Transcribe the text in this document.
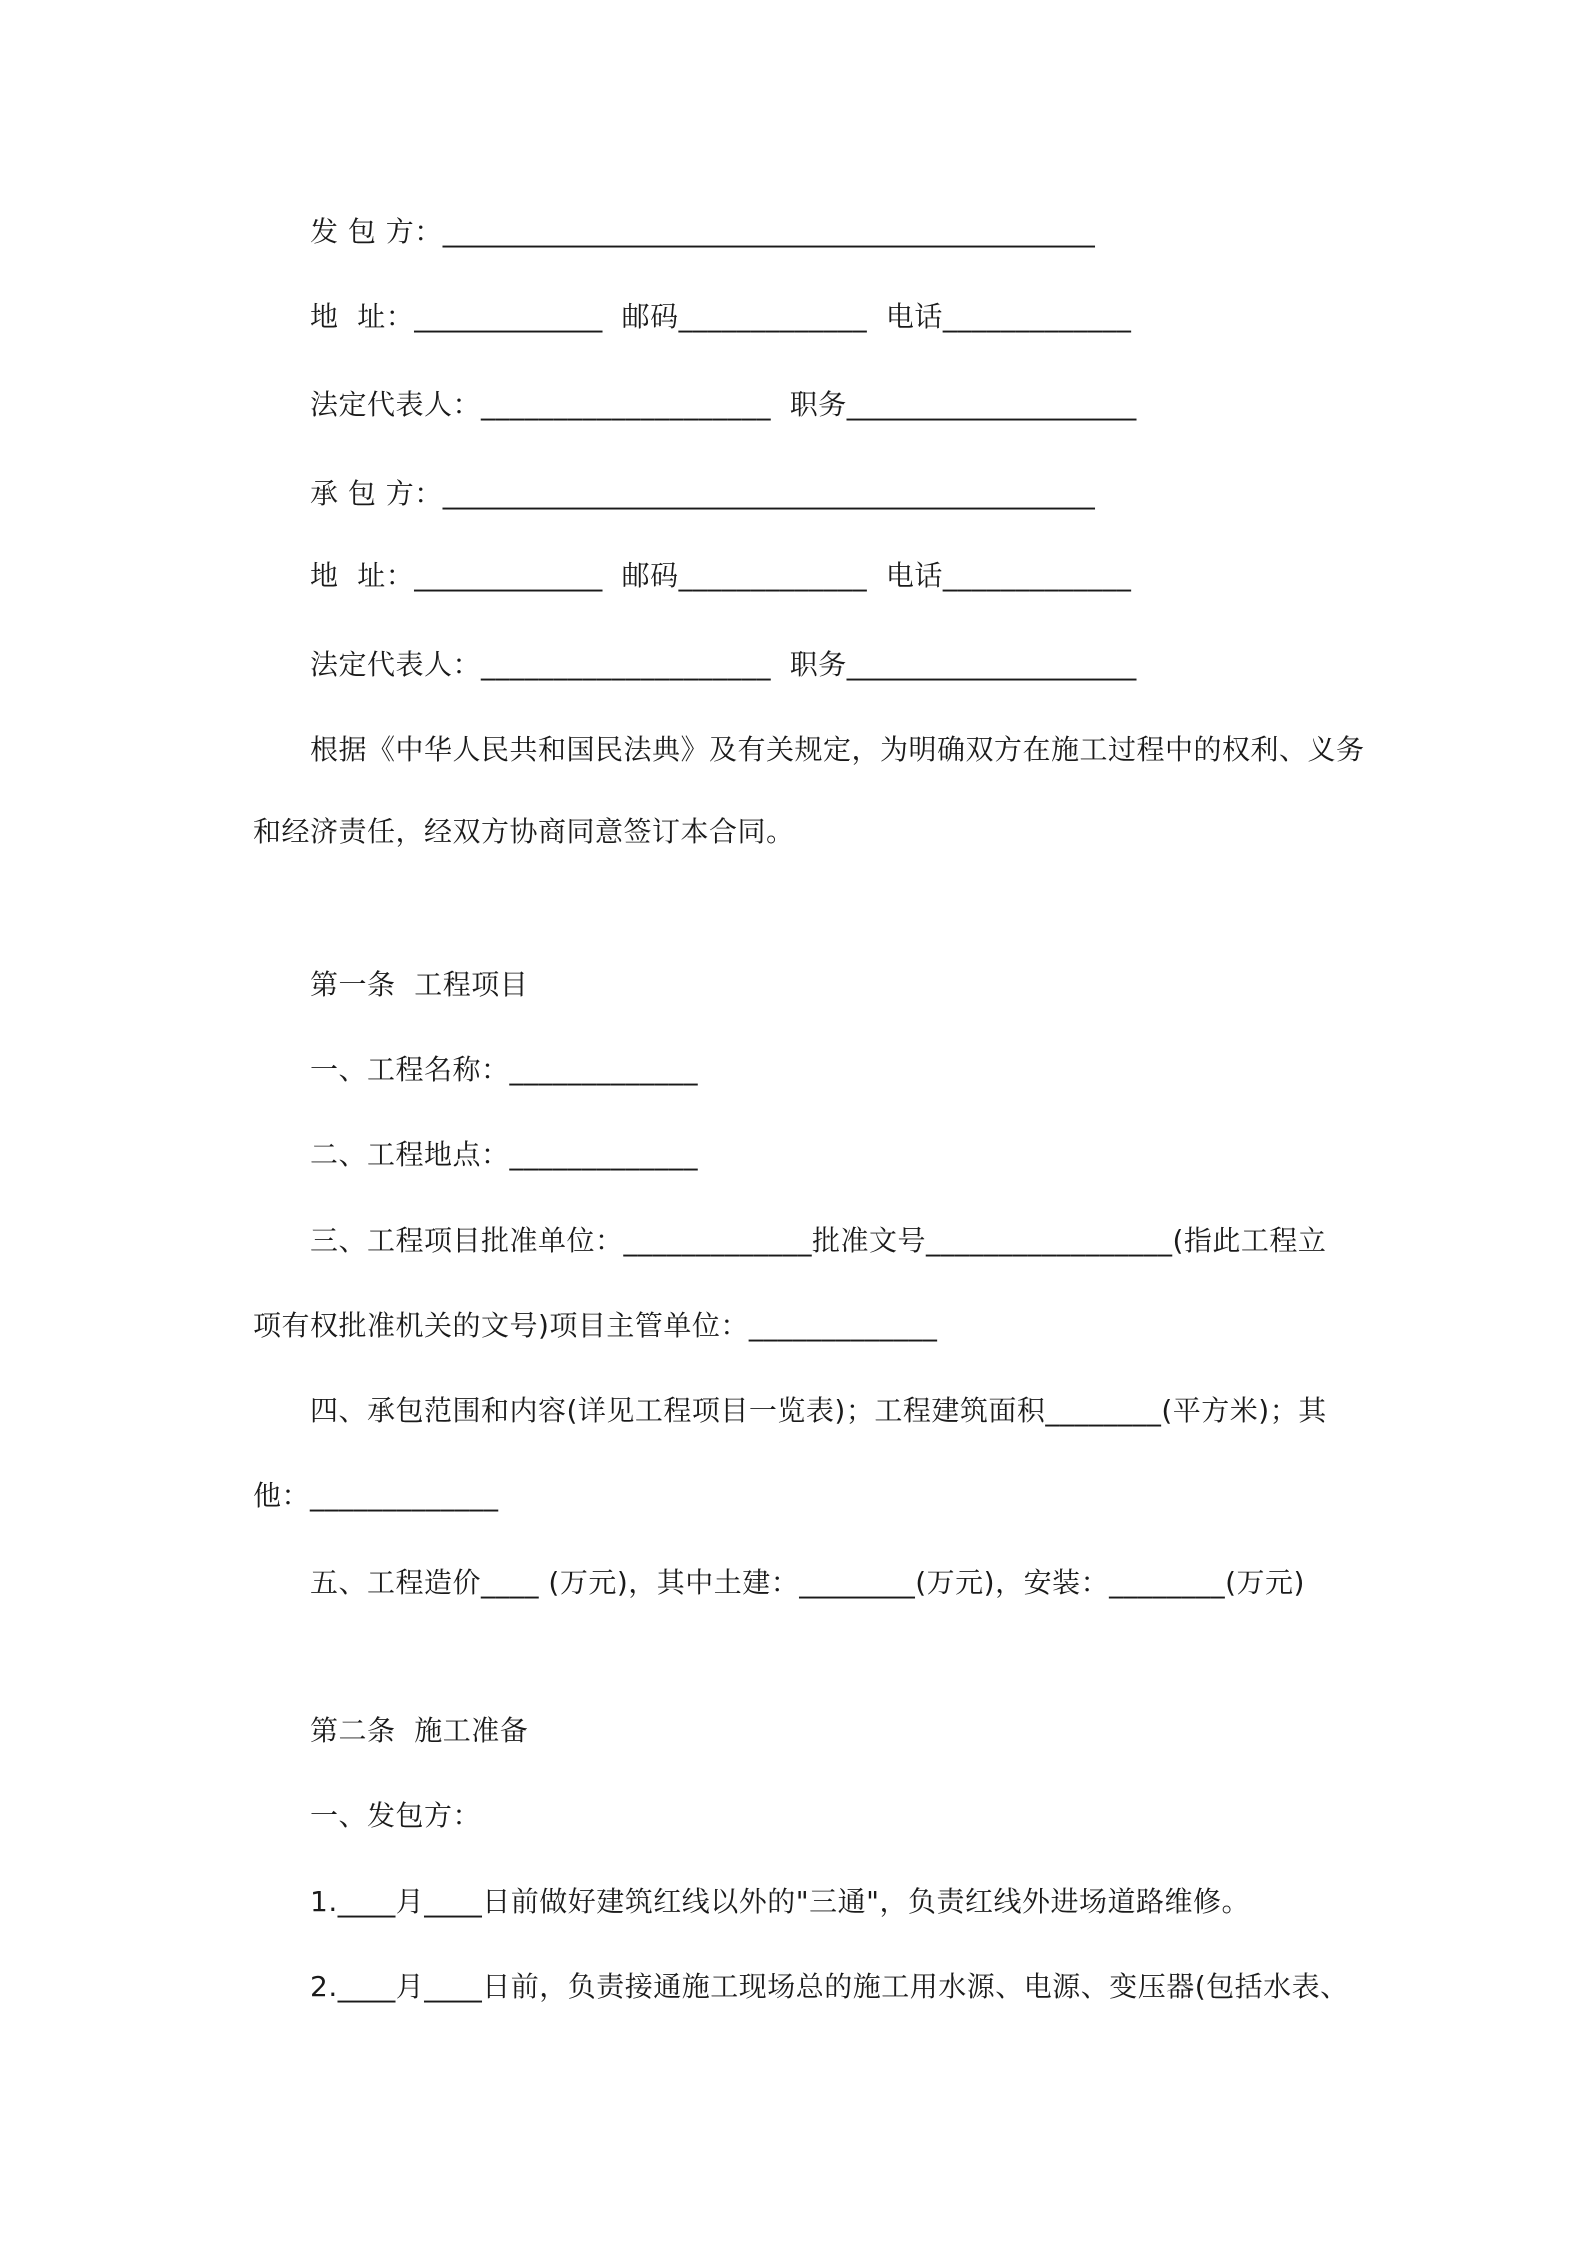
发 包 方：_____________________________________________
地  址：_____________  邮码_____________  电话_____________
法定代表人：____________________  职务____________________
承 包 方：_____________________________________________
地  址：_____________  邮码_____________  电话_____________
法定代表人：____________________  职务____________________
根据《中华人民共和国民法典》及有关规定，为明确双方在施工过程中的权利、义务
和经济责任，经双方协商同意签订本合同。
第一条  工程项目
一、工程名称：_____________
二、工程地点：_____________
三、工程项目批准单位：_____________批准文号_________________(指此工程立
项有权批准机关的文号)项目主管单位：_____________
四、承包范围和内容(详见工程项目一览表)；工程建筑面积________(平方米)；其
他：_____________
五、工程造价____ (万元)，其中土建：________(万元)，安装：________(万元)
第二条  施工准备
一、发包方：
1.____月____日前做好建筑红线以外的"三通"，负责红线外进场道路维修。
2.____月____日前，负责接通施工现场总的施工用水源、电源、变压器(包括水表、
